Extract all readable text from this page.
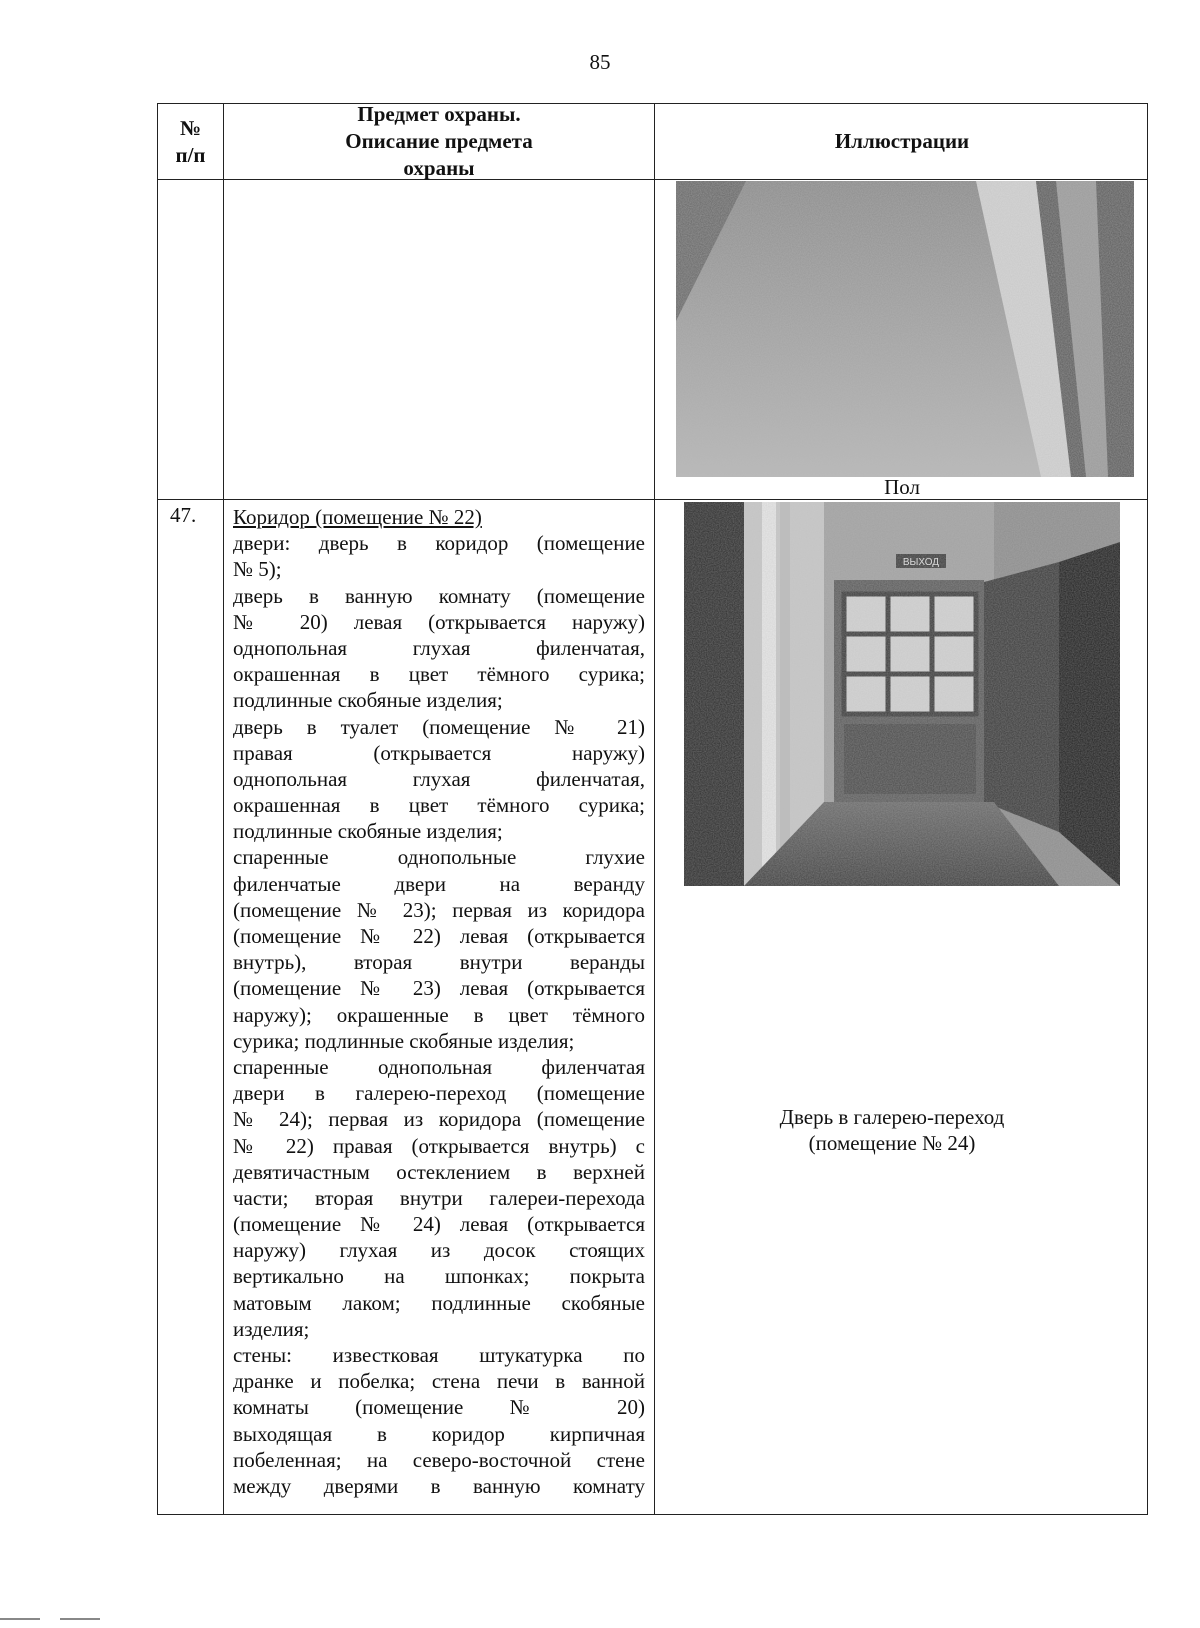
85
№ п/п
Предмет охраны. Описание предмета охраны
Иллюстрации
Пол
47. Коридор (помещение № 22)
двери: дверь в коридор (помещение
№ 5);
дверь в ванную комнату (помещение
№ 20) левая (открывается наружу)
однопольная глухая филенчатая,
окрашенная в цвет тёмного сурика;
подлинные скобяные изделия;
дверь в туалет (помещение № 21)
правая (открывается наружу)
однопольная глухая филенчатая,
окрашенная в цвет тёмного сурика;
подлинные скобяные изделия;
спаренные однопольные глухие
филенчатые двери на веранду
(помещение № 23); первая из коридора
(помещение № 22) левая (открывается
внутрь), вторая внутри веранды
(помещение № 23) левая (открывается
наружу); окрашенные в цвет тёмного
сурика; подлинные скобяные изделия;
спаренные однопольная филенчатая
двери в галерею-переход (помещение
№ 24); первая из коридора (помещение
№ 22) правая (открывается внутрь) с
девятичастным остеклением в верхней
части; вторая внутри галереи-перехода
(помещение № 24) левая (открывается
наружу) глухая из досок стоящих
вертикально на шпонках; покрыта
матовым лаком; подлинные скобяные
изделия;
стены: известковая штукатурка по
дранке и побелка; стена печи в ванной
комнаты (помещение № 20)
выходящая в коридор кирпичная
побеленная; на северо-восточной стене
между дверями в ванную комнату
Дверь в галерею-переход (помещение № 24)
